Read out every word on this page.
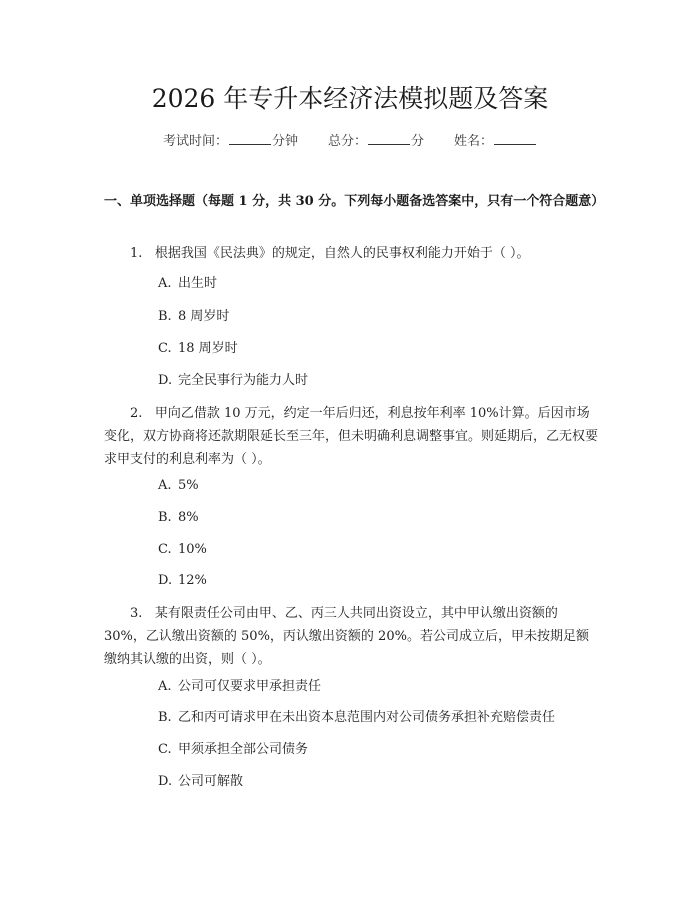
2026 年专升本经济法模拟题及答案
考试时间：	分钟 总分：	分 姓名：
一、单项选择题（每题 1 分，共 30 分。下列每小题备选答案中，只有一个符合题意）
1. 根据我国《民法典》的规定，自然人的民事权利能力开始于（ ）。
A. 出生时
B. 8 周岁时
C. 18 周岁时
D. 完全民事行为能力人时
2. 甲向乙借款 10 万元，约定一年后归还，利息按年利率 10%计算。后因市场变化，双方协商将还款期限延长至三年，但未明确利息调整事宜。则延期后，乙无权要求甲支付的利息利率为（ ）。
A. 5%
B. 8%
C. 10%
D. 12%
3. 某有限责任公司由甲、乙、丙三人共同出资设立，其中甲认缴出资额的 30%，乙认缴出资额的 50%，丙认缴出资额的 20%。若公司成立后，甲未按期足额缴纳其认缴的出资，则（ ）。
A. 公司可仅要求甲承担责任
B. 乙和丙可请求甲在未出资本息范围内对公司债务承担补充赔偿责任
C. 甲须承担全部公司债务
D. 公司可解散
